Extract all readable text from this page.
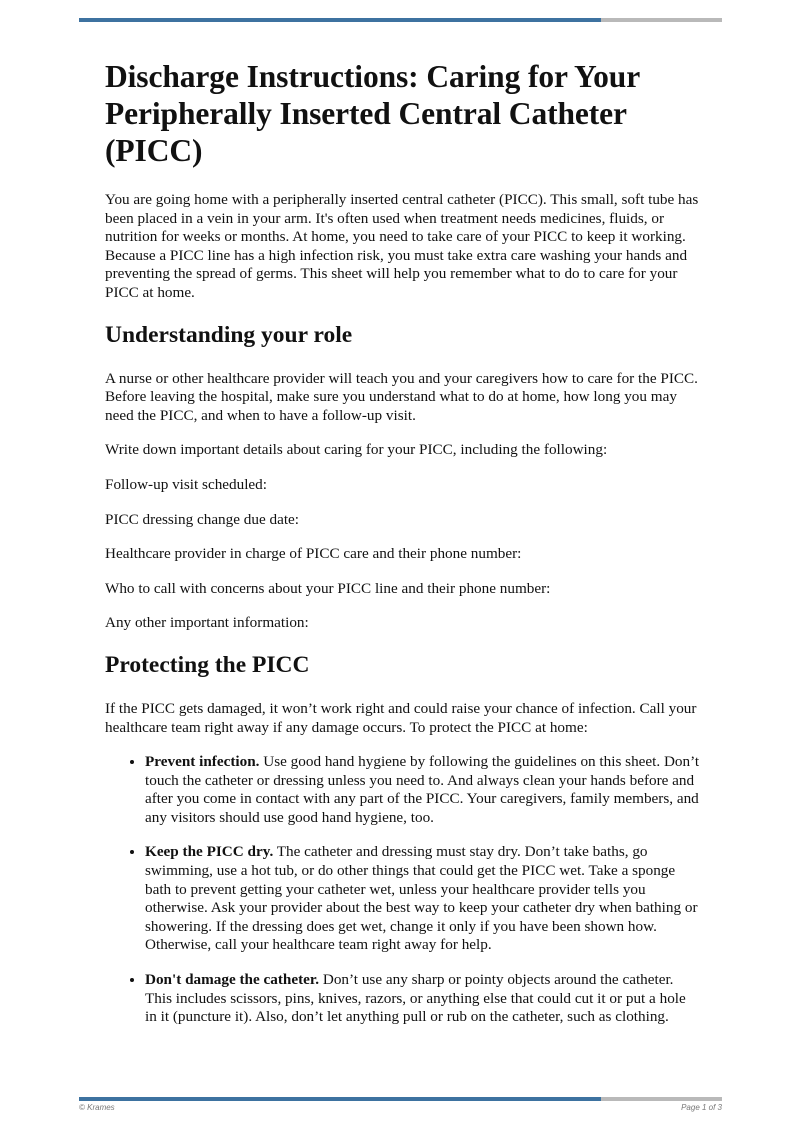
Discharge Instructions: Caring for Your Peripherally Inserted Central Catheter (PICC)

You are going home with a peripherally inserted central catheter (PICC). This small, soft tube has been placed in a vein in your arm. It's often used when treatment needs medicines, fluids, or nutrition for weeks or months. At home, you need to take care of your PICC to keep it working. Because a PICC line has a high infection risk, you must take extra care washing your hands and preventing the spread of germs. This sheet will help you remember what to do to care for your PICC at home.

Understanding your role

A nurse or other healthcare provider will teach you and your caregivers how to care for the PICC. Before leaving the hospital, make sure you understand what to do at home, how long you may need the PICC, and when to have a follow-up visit.

Write down important details about caring for your PICC, including the following:

Follow-up visit scheduled:

PICC dressing change due date:

Healthcare provider in charge of PICC care and their phone number:

Who to call with concerns about your PICC line and their phone number:

Any other important information:

Protecting the PICC

If the PICC gets damaged, it won’t work right and could raise your chance of infection. Call your healthcare team right away if any damage occurs. To protect the PICC at home:

• Prevent infection. Use good hand hygiene by following the guidelines on this sheet. Don’t touch the catheter or dressing unless you need to. And always clean your hands before and after you come in contact with any part of the PICC. Your caregivers, family members, and any visitors should use good hand hygiene, too.
• Keep the PICC dry. The catheter and dressing must stay dry. Don’t take baths, go swimming, use a hot tub, or do other things that could get the PICC wet. Take a sponge bath to prevent getting your catheter wet, unless your healthcare provider tells you otherwise. Ask your provider about the best way to keep your catheter dry when bathing or showering. If the dressing does get wet, change it only if you have been shown how. Otherwise, call your healthcare team right away for help.
• Don't damage the catheter. Don’t use any sharp or pointy objects around the catheter. This includes scissors, pins, knives, razors, or anything else that could cut it or put a hole in it (puncture it). Also, don’t let anything pull or rub on the catheter, such as clothing.
© Krames	Page 1 of 3
